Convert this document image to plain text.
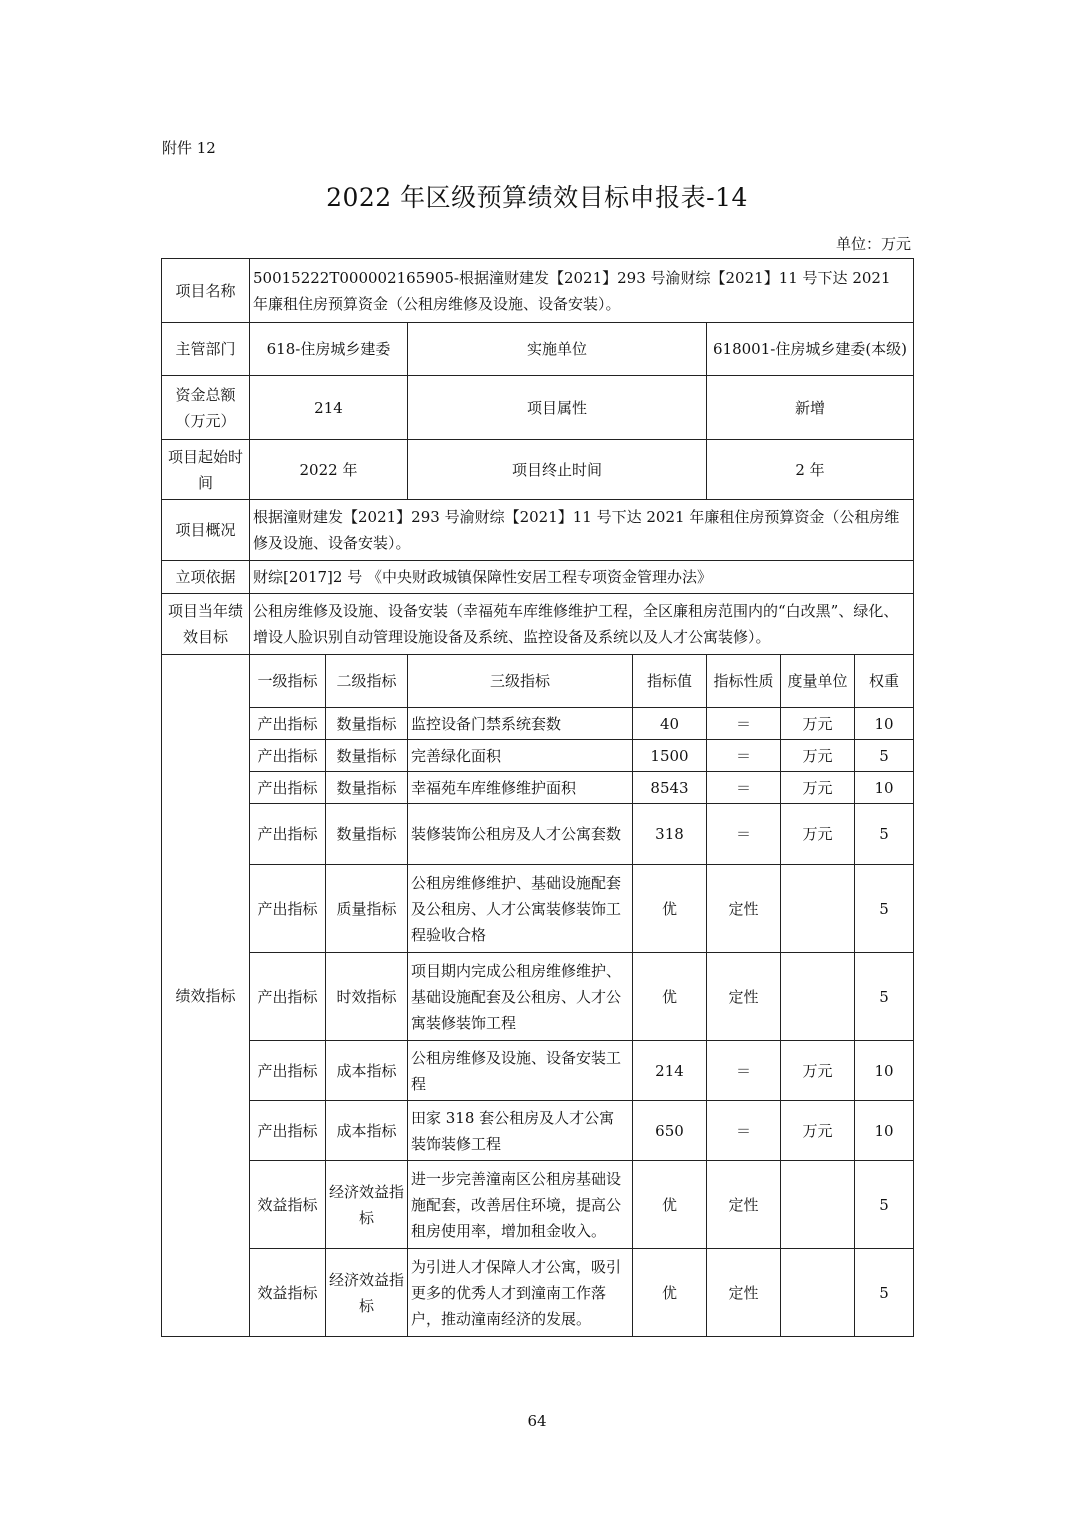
附件 12
2022 年区级预算绩效目标申报表-14
单位：万元
项目名称	50015222T000002165905-根据潼财建发【2021】293 号渝财综【2021】11 号下达 2021 年廉租住房预算资金（公租房维修及设施、设备安装）。						
主管部门	618-住房城乡建委		实施单位		618001-住房城乡建委(本级)		
资金总额（万元）	214		项目属性		新增		
项目起始时间	2022 年		项目终止时间		2 年		
项目概况	根据潼财建发【2021】293 号渝财综【2021】11 号下达 2021 年廉租住房预算资金（公租房维修及设施、设备安装）。						
立项依据	财综[2017]2 号 《中央财政城镇保障性安居工程专项资金管理办法》						
项目当年绩效目标	公租房维修及设施、设备安装（幸福苑车库维修维护工程，全区廉租房范围内的“白改黑”、绿化、增设人脸识别自动管理设施设备及系统、监控设备及系统以及人才公寓装修）。						
绩效指标	一级指标	二级指标	三级指标	指标值	指标性质	度量单位	权重
	产出指标	数量指标	监控设备门禁系统套数	40	＝	万元	10
	产出指标	数量指标	完善绿化面积	1500	＝	万元	5
	产出指标	数量指标	幸福苑车库维修维护面积	8543	＝	万元	10
	产出指标	数量指标	装修装饰公租房及人才公寓套数	318	＝	万元	5
	产出指标	质量指标	公租房维修维护、基础设施配套及公租房、人才公寓装修装饰工程验收合格	优	定性		5
	产出指标	时效指标	项目期内完成公租房维修维护、基础设施配套及公租房、人才公寓装修装饰工程	优	定性		5
	产出指标	成本指标	公租房维修及设施、设备安装工程	214	＝	万元	10
	产出指标	成本指标	田家 318 套公租房及人才公寓装饰装修工程	650	＝	万元	10
	效益指标	经济效益指标	进一步完善潼南区公租房基础设施配套，改善居住环境，提高公租房使用率，增加租金收入。	优	定性		5
	效益指标	经济效益指标	为引进人才保障人才公寓，吸引更多的优秀人才到潼南工作落户，推动潼南经济的发展。	优	定性		5
64
